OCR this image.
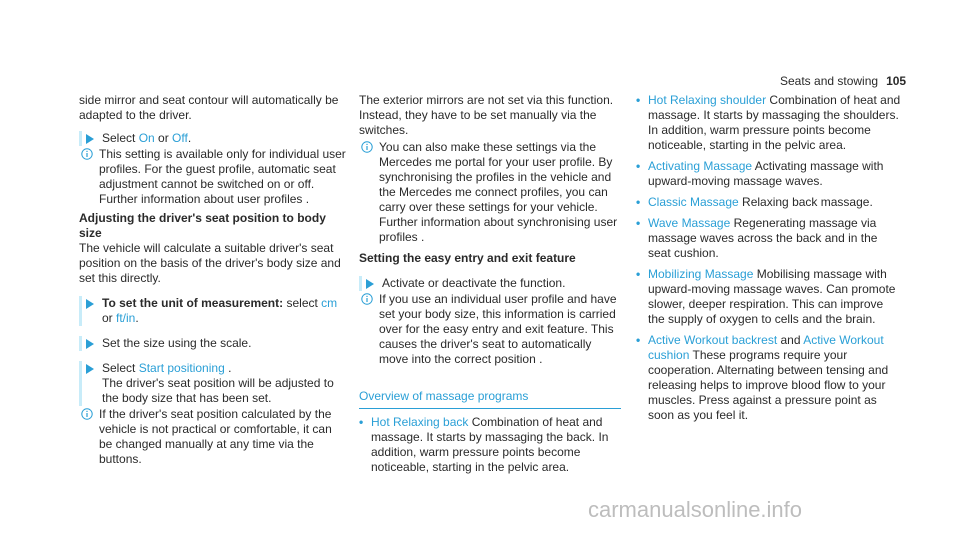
Seats and stowing 105

side mirror and seat contour will automatically be adapted to the driver.

Select On or Off.
This setting is available only for individual user profiles. For the guest profile, automatic seat adjustment cannot be switched on or off. Further information about user profiles .

Adjusting the driver's seat position to body size

The vehicle will calculate a suitable driver's seat position on the basis of the driver's body size and set this directly.

To set the unit of measurement: select cm
or ft/in.
Set the size using the scale.
Select Start positioning .
The driver's seat position will be adjusted to the body size that has been set.
If the driver's seat position calculated by the vehicle is not practical or comfortable, it can be changed manually at any time via the buttons.

The exterior mirrors are not set via this function. Instead, they have to be set manually via the switches.

You can also make these settings via the Mercedes me portal for your user profile. By synchronising the profiles in the vehicle and the Mercedes me connect profiles, you can carry over these settings for your vehicle. Further information about synchronising user profiles .

Setting the easy entry and exit feature

Activate or deactivate the function.
If you use an individual user profile and have set your body size, this information is carried over for the easy entry and exit feature. This causes the driver's seat to automatically move into the correct position .
Overview of massage programs
• Hot Relaxing back Combination of heat and massage. It starts by massaging the back. In addition, warm pressure points become noticeable, starting in the pelvic area.
• Hot Relaxing shoulder Combination of heat and massage. It starts by massaging the shoulders. In addition, warm pressure points become noticeable, starting in the pelvic area.
• Activating Massage Activating massage with upward-moving massage waves.
• Classic Massage Relaxing back massage.
• Wave Massage Regenerating massage via massage waves across the back and in the seat cushion.
• Mobilizing Massage Mobilising massage with upward-moving massage waves. Can promote slower, deeper respiration. This can improve the supply of oxygen to cells and the brain.
• Active Workout backrest and Active Workout cushion These programs require your cooperation. Alternating between tensing and releasing helps to improve blood flow to your muscles. Press against a pressure point as soon as you feel it.
carmanualsonline.info
